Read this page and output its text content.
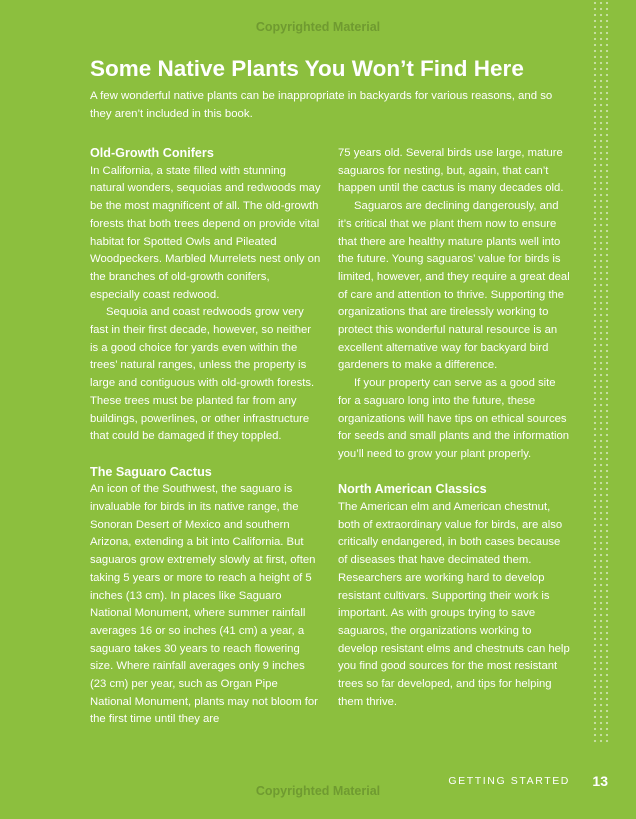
Copyrighted Material
Some Native Plants You Won’t Find Here

A few wonderful native plants can be inappropriate in backyards for various reasons, and so they aren’t included in this book.

Old-Growth Conifers

In California, a state filled with stunning natural wonders, sequoias and redwoods may be the most magnificent of all. The old-growth forests that both trees depend on provide vital habitat for Spotted Owls and Pileated Woodpeckers. Marbled Murrelets nest only on the branches of old-growth conifers, especially coast redwood.

Sequoia and coast redwoods grow very fast in their first decade, however, so neither is a good choice for yards even within the trees’ natural ranges, unless the property is large and contiguous with old-growth forests. These trees must be planted far from any buildings, powerlines, or other infrastructure that could be damaged if they toppled.

The Saguaro Cactus

An icon of the Southwest, the saguaro is invaluable for birds in its native range, the Sonoran Desert of Mexico and southern Arizona, extending a bit into California. But saguaros grow extremely slowly at first, often taking 5 years or more to reach a height of 5 inches (13 cm). In places like Saguaro National Monument, where summer rainfall averages 16 or so inches (41 cm) a year, a saguaro takes 30 years to reach flowering size. Where rainfall averages only 9 inches (23 cm) per year, such as Organ Pipe National Monument, plants may not bloom for the first time until they are

75 years old. Several birds use large, mature saguaros for nesting, but, again, that can’t happen until the cactus is many decades old.

Saguaros are declining dangerously, and it’s critical that we plant them now to ensure that there are healthy mature plants well into the future. Young saguaros’ value for birds is limited, however, and they require a great deal of care and attention to thrive. Supporting the organizations that are tirelessly working to protect this wonderful natural resource is an excellent alternative way for backyard bird gardeners to make a difference.

If your property can serve as a good site for a saguaro long into the future, these organizations will have tips on ethical sources for seeds and small plants and the information you’ll need to grow your plant properly.

North American Classics

The American elm and American chestnut, both of extraordinary value for birds, are also critically endangered, in both cases because of diseases that have decimated them. Researchers are working hard to develop resistant cultivars. Supporting their work is important. As with groups trying to save saguaros, the organizations working to develop resistant elms and chestnuts can help you find good sources for the most resistant trees so far developed, and tips for helping them thrive.

GETTING STARTED 13
Copyrighted Material
